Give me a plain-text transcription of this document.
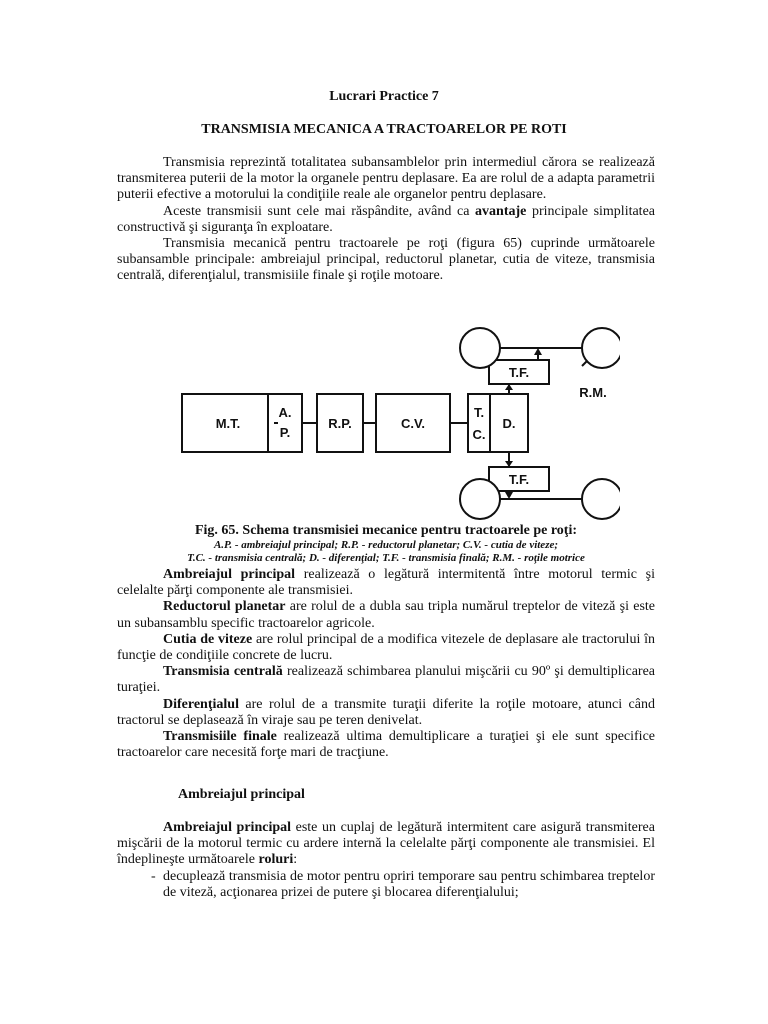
Lucrari Practice 7
TRANSMISIA MECANICA A TRACTOARELOR PE ROTI

Transmisia reprezintă totalitatea subansamblelor prin intermediul cărora se realizează transmiterea puterii de la motor la organele pentru deplasare. Ea are rolul de a adapta parametrii puterii efective a motorului la condiţiile reale ale organelor pentru deplasare.

Aceste transmisii sunt cele mai răspândite, având ca avantaje principale simplitatea constructivă şi siguranţa în exploatare.

Transmisia mecanică pentru tractoarele pe roţi (figura 65) cuprinde următoarele subansamble principale: ambreiajul principal, reductorul planetar, cutia de viteze, transmisia centrală, diferenţialul, transmisiile finale şi roţile motoare.

M.T.
A.
P.
R.P.	C.V.
T.
C.
D.
T.F.
T.F.
R.M.
Fig. 65. Schema transmisiei mecanice pentru tractoarele pe roţi:
A.P. - ambreiajul principal; R.P. - reductorul planetar; C.V. - cutia de viteze;
T.C. - transmisia centrală; D. - diferenţial; T.F. - transmisia finală; R.M. - roţile motrice

Ambreiajul principal realizează o legătură intermitentă între motorul termic şi celelalte părţi componente ale transmisiei.

Reductorul planetar are rolul de a dubla sau tripla numărul treptelor de viteză şi este un subansamblu specific tractoarelor agricole.

Cutia de viteze are rolul principal de a modifica vitezele de deplasare ale tractorului în funcţie de condiţiile concrete de lucru.

Transmisia centrală realizează schimbarea planului mişcării cu 90º şi demultiplicarea turaţiei.

Diferenţialul are rolul de a transmite turaţii diferite la roţile motoare, atunci când tractorul se deplasează în viraje sau pe teren denivelat.

Transmisiile finale realizează ultima demultiplicare a turaţiei şi ele sunt specifice tractoarelor care necesită forţe mari de tracţiune.

Ambreiajul principal

Ambreiajul principal este un cuplaj de legătură intermitent care asigură transmiterea mişcării de la motorul termic cu ardere internă la celelalte părţi componente ale transmisiei. El îndeplineşte următoarele roluri:

- decuplează transmisia de motor pentru opriri temporare sau pentru schimbarea treptelor de viteză, acţionarea prizei de putere şi blocarea diferenţialului;
